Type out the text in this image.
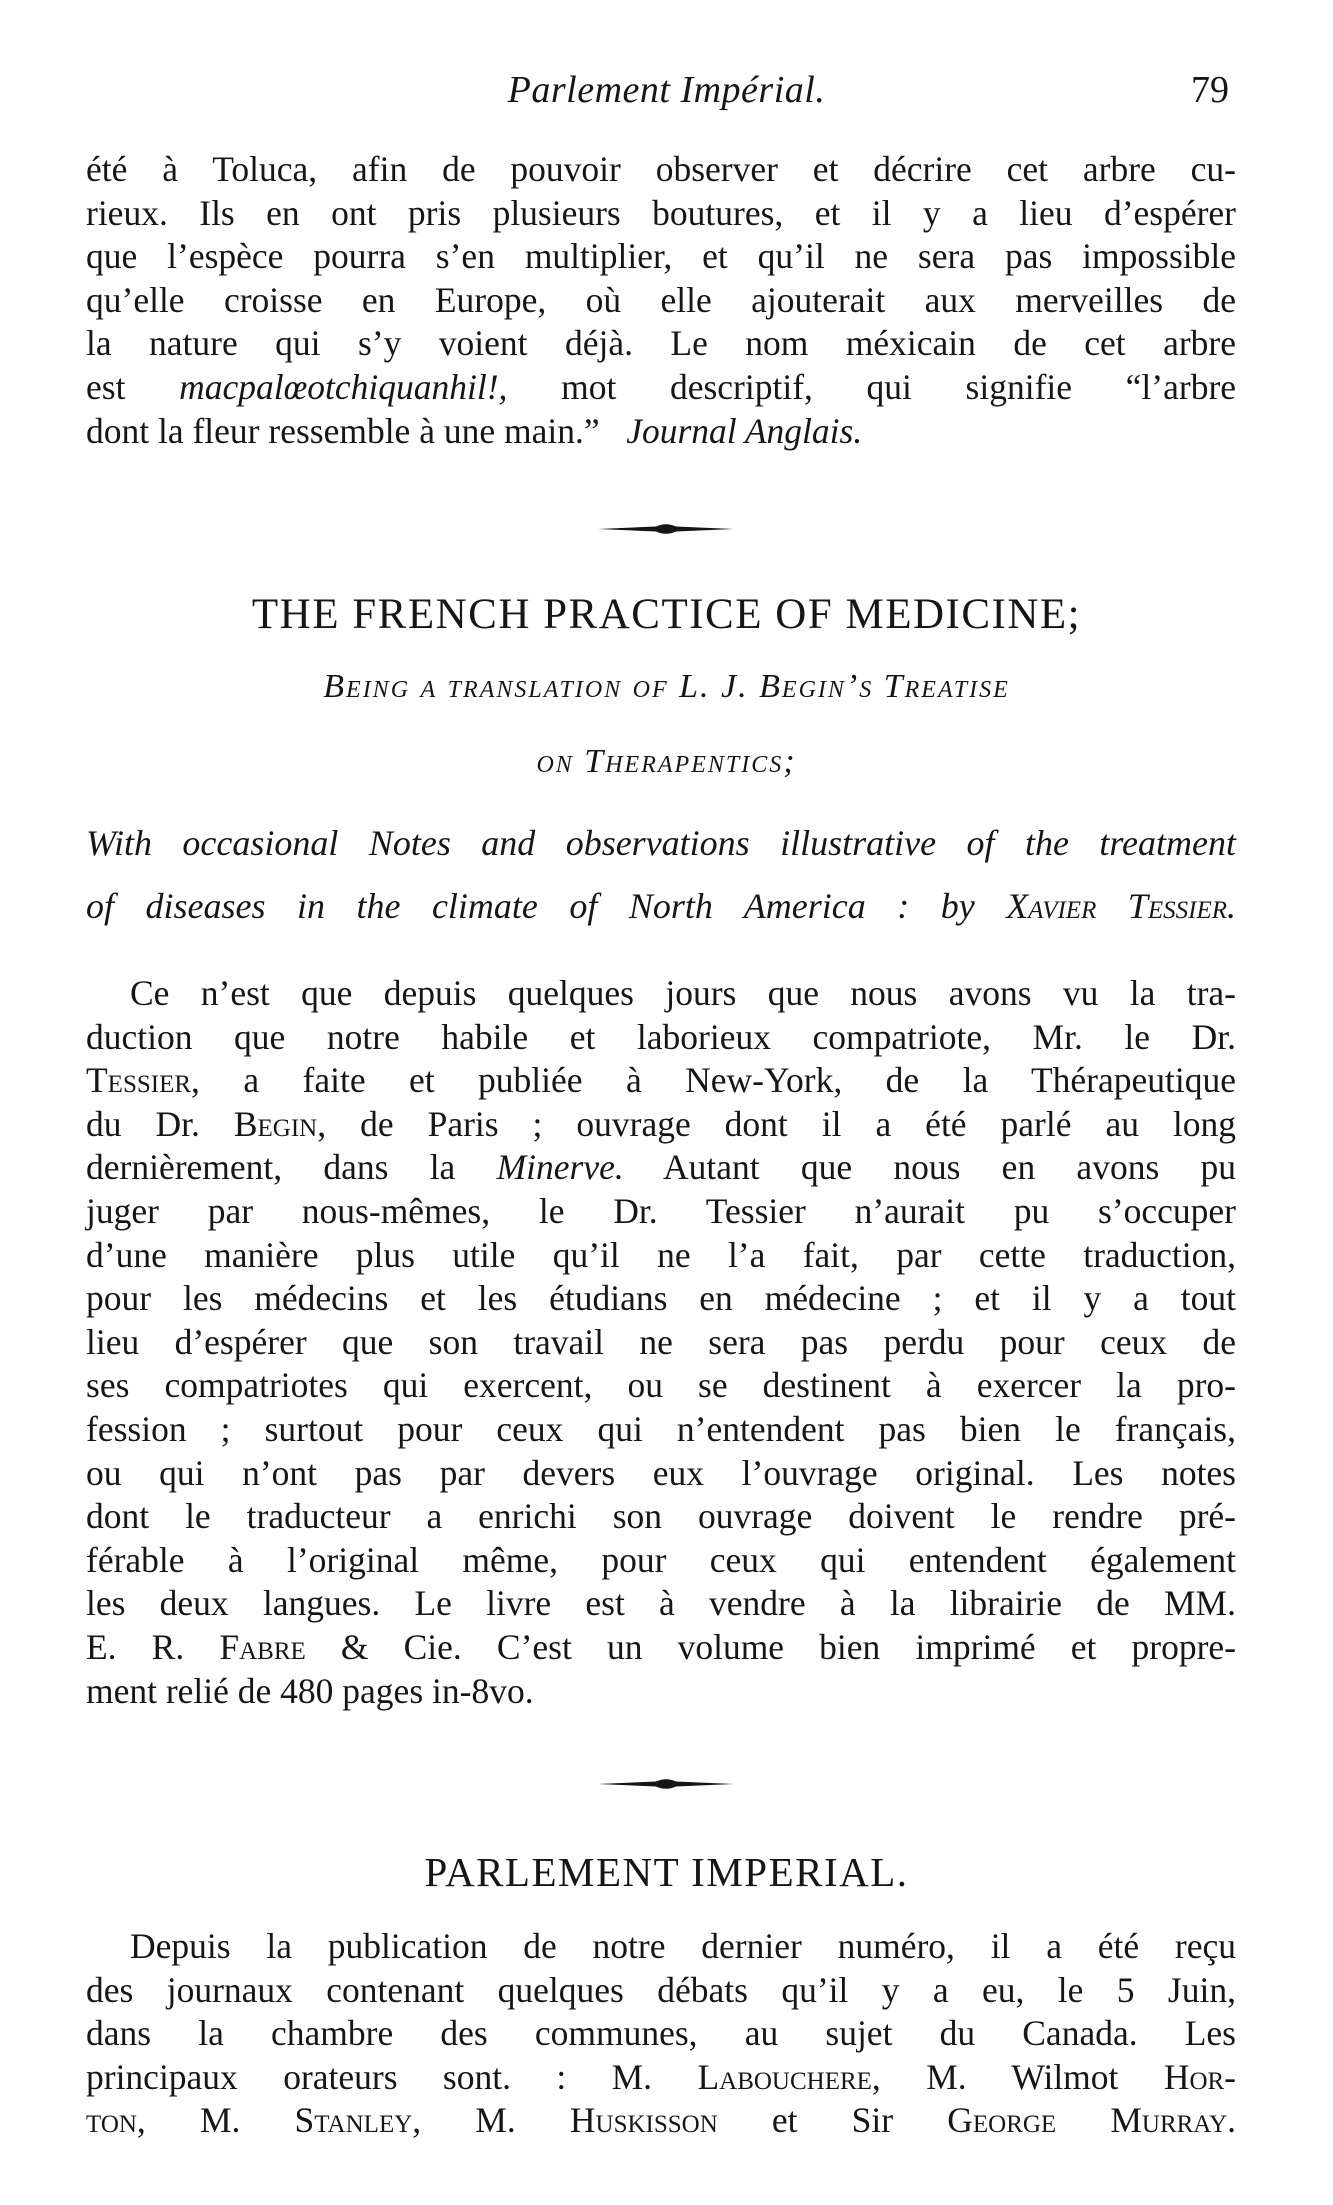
Parlement Impérial.	79
été à Toluca, afin de pouvoir observer et décrire cet arbre cu-
rieux. Ils en ont pris plusieurs boutures, et il y a lieu d’espérer
que l’espèce pourra s’en multiplier, et qu’il ne sera pas impossible
qu’elle croisse en Europe, où elle ajouterait aux merveilles de
la nature qui s’y voient déjà. Le nom méxicain de cet arbre
est macpalœotchiquanhil!, mot descriptif, qui signifie “l’arbre
dont la fleur ressemble à une main.” Journal Anglais.
THE FRENCH PRACTICE OF MEDICINE;
Being a translation of L. J. Begin’s Treatise
on Therapentics;
With occasional Notes and observations illustrative of the treatment
of diseases in the climate of North America : by Xavier Tessier.
Ce n’est que depuis quelques jours que nous avons vu la tra-
duction que notre habile et laborieux compatriote, Mr. le Dr.
Tessier, a faite et publiée à New-York, de la Thérapeutique
du Dr. Begin, de Paris ; ouvrage dont il a été parlé au long
dernièrement, dans la Minerve. Autant que nous en avons pu
juger par nous-mêmes, le Dr. Tessier n’aurait pu s’occuper
d’une manière plus utile qu’il ne l’a fait, par cette traduction,
pour les médecins et les étudians en médecine ; et il y a tout
lieu d’espérer que son travail ne sera pas perdu pour ceux de
ses compatriotes qui exercent, ou se destinent à exercer la pro-
fession ; surtout pour ceux qui n’entendent pas bien le français,
ou qui n’ont pas par devers eux l’ouvrage original. Les notes
dont le traducteur a enrichi son ouvrage doivent le rendre pré-
férable à l’original même, pour ceux qui entendent également
les deux langues. Le livre est à vendre à la librairie de MM.
E. R. Fabre & Cie. C’est un volume bien imprimé et propre-
ment relié de 480 pages in-8vo.
PARLEMENT IMPERIAL.
Depuis la publication de notre dernier numéro, il a été reçu
des journaux contenant quelques débats qu’il y a eu, le 5 Juin,
dans la chambre des communes, au sujet du Canada. Les
principaux orateurs sont. : M. Labouchere, M. Wilmot Hor-
ton, M. Stanley, M. Huskisson et Sir George Murray.
